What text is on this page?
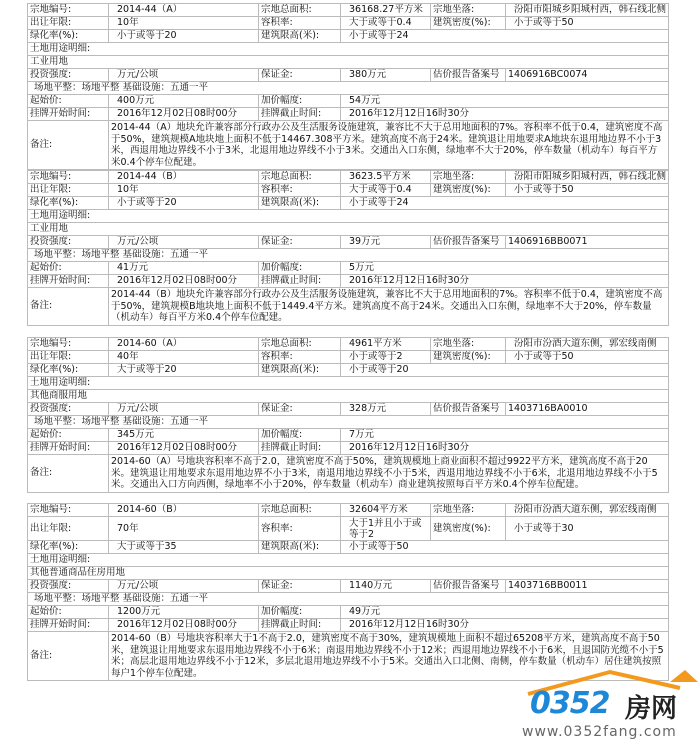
宗地编号:	2014-44（A）	宗地总面积:	36168.27平方米	宗地坐落:	汾阳市阳城乡阳城村西，韩石线北侧
出让年限:	10年	容积率:	大于或等于0.4	建筑密度(%):	小于或等于50
绿化率(%):	小于或等于20	建筑限高(米):	小于或等于24		
土地用途明细:					
工业用地					
投资强度:	万元/公顷	保证金:	380万元	估价报告备案号	1406916BC0074
场地平整：场地平整 基础设施：五通一平					
起始价:	400万元	加价幅度:	54万元		
挂牌开始时间:	2016年12月02日08时00分	挂牌截止时间:	2016年12月12日16时30分		
备注:	2014-44（A）地块允许兼容部分行政办公及生活服务设施建筑，兼容比不大于总用地面积的7%。容积率不低于0.4，建筑密度不高于50%，建筑规模A地块地上面积不低于14467.308平方米。建筑高度不高于24米。建筑退让用地要求A地块东退用地边界不小于3米，西退用地边界线不小于3米，北退用地边界线不小于3米。交通出入口东侧，绿地率不大于20%，停车数量（机动车）每百平方米0.4个停车位配建。				
宗地编号:	2014-44（B）	宗地总面积:	3623.5平方米	宗地坐落:	汾阳市阳城乡阳城村西，韩石线北侧
出让年限:	10年	容积率:	大于或等于0.4	建筑密度(%):	小于或等于50
绿化率(%):	小于或等于20	建筑限高(米):	小于或等于24		
土地用途明细:					
工业用地					
投资强度:	万元/公顷	保证金:	39万元	估价报告备案号	1406916BB0071
场地平整：场地平整 基础设施：五通一平					
起始价:	41万元	加价幅度:	5万元		
挂牌开始时间:	2016年12月02日08时00分	挂牌截止时间:	2016年12月12日16时30分		
备注:	2014-44（B）地块允许兼容部分行政办公及生活服务设施建筑，兼容比不大于总用地面积的7%。容积率不低于0.4，建筑密度不高于50%，建筑规模B地块地上面积不低于1449.4平方米。建筑高度不高于24米。交通出入口东侧，绿地率不大于20%，停车数量（机动车）每百平方米0.4个停车位配建。				
宗地编号:	2014-60（A）	宗地总面积:	4961平方米	宗地坐落:	汾阳市汾酒大道东侧，郭宏线南侧
出让年限:	40年	容积率:	小于或等于2	建筑密度(%):	小于或等于50
绿化率(%):	大于或等于20	建筑限高(米):	小于或等于20		
土地用途明细:					
其他商服用地					
投资强度:	万元/公顷	保证金:	328万元	估价报告备案号	1403716BA0010
场地平整：场地平整 基础设施：五通一平					
起始价:	345万元	加价幅度:	7万元		
挂牌开始时间:	2016年12月02日08时00分	挂牌截止时间:	2016年12月12日16时30分		
备注:	2014-60（A）号地块容积率不高于2.0，建筑密度不高于50%，建筑规模地上商业面积不超过9922平方米，建筑高度不高于20米。建筑退让用地要求东退用地边界不小于3米，南退用地边界线不小于5米，西退用地边界线不小于6米，北退用地边界线不小于5米。交通出入口方向西侧，绿地率不小于20%，停车数量（机动车）商业建筑按照每百平方米0.4个停车位配建。				
宗地编号:	2014-60（B）	宗地总面积:	32604平方米	宗地坐落:	汾阳市汾酒大道东侧，郭宏线南侧
出让年限:	70年	容积率:	大于1并且小于或等于2	建筑密度(%):	小于或等于30
绿化率(%):	大于或等于35	建筑限高(米):	小于或等于50		
土地用途明细:					
其他普通商品住房用地					
投资强度:	万元/公顷	保证金:	1140万元	估价报告备案号	1403716BB0011
场地平整：场地平整 基础设施：五通一平					
起始价:	1200万元	加价幅度:	49万元		
挂牌开始时间:	2016年12月02日08时00分	挂牌截止时间:	2016年12月12日16时30分		
备注:	2014-60（B）号地块容积率大于1不高于2.0，建筑密度不高于30%，建筑规模地上面积不超过65208平方米，建筑高度不高于50米，建筑退让用地要求东退用地边界线不小于6米；南退用地边界线不小于12米；西退用地边界线不小于6米，且退国防光缆不小于5米；高层北退用地边界线不小于12米，多层北退用地边界线不小于5米。交通出入口北侧、南侧，停车数量（机动车）居住建筑按照每户1个停车位配建。				
0352 房网
www.0352fang.com
